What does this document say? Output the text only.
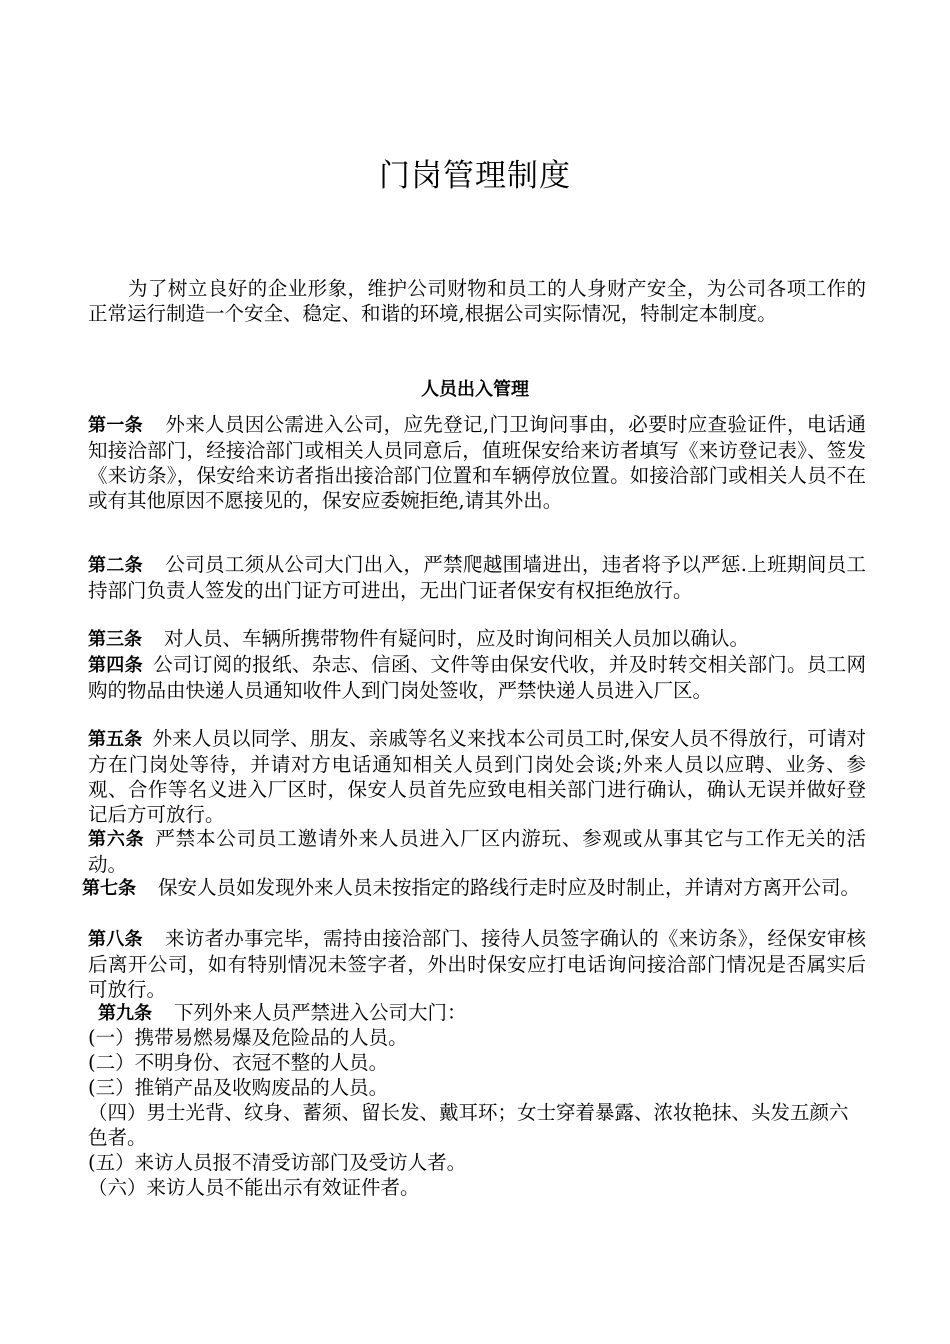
门岗管理制度

为了树立良好的企业形象，维护公司财物和员工的人身财产安全，为公司各项工作的正常运行制造一个安全、稳定、和谐的环境,根据公司实际情况，特制定本制度。

人员出入管理

第一条 外来人员因公需进入公司，应先登记,门卫询问事由，必要时应查验证件，电话通知接洽部门，经接洽部门或相关人员同意后，值班保安给来访者填写《来访登记表》、签发《来访条》，保安给来访者指出接洽部门位置和车辆停放位置。如接洽部门或相关人员不在或有其他原因不愿接见的，保安应委婉拒绝,请其外出。

第二条 公司员工须从公司大门出入，严禁爬越围墙进出，违者将予以严惩.上班期间员工持部门负责人签发的出门证方可进出，无出门证者保安有权拒绝放行。

第三条 对人员、车辆所携带物件有疑问时，应及时询问相关人员加以确认。

第四条 公司订阅的报纸、杂志、信函、文件等由保安代收，并及时转交相关部门。员工网购的物品由快递人员通知收件人到门岗处签收，严禁快递人员进入厂区。

第五条 外来人员以同学、朋友、亲戚等名义来找本公司员工时,保安人员不得放行，可请对方在门岗处等待，并请对方电话通知相关人员到门岗处会谈;外来人员以应聘、业务、参观、合作等名义进入厂区时，保安人员首先应致电相关部门进行确认，确认无误并做好登记后方可放行。

第六条 严禁本公司员工邀请外来人员进入厂区内游玩、参观或从事其它与工作无关的活动。

第七条 保安人员如发现外来人员未按指定的路线行走时应及时制止，并请对方离开公司。

第八条 来访者办事完毕，需持由接洽部门、接待人员签字确认的《来访条》，经保安审核后离开公司，如有特别情况未签字者，外出时保安应打电话询问接洽部门情况是否属实后可放行。

第九条 下列外来人员严禁进入公司大门：

(一）携带易燃易爆及危险品的人员。

(二）不明身份、衣冠不整的人员。

(三）推销产品及收购废品的人员。

（四）男士光背、纹身、蓄须、留长发、戴耳环；女士穿着暴露、浓妆艳抹、头发五颜六色者。

(五）来访人员报不清受访部门及受访人者。

（六）来访人员不能出示有效证件者。
